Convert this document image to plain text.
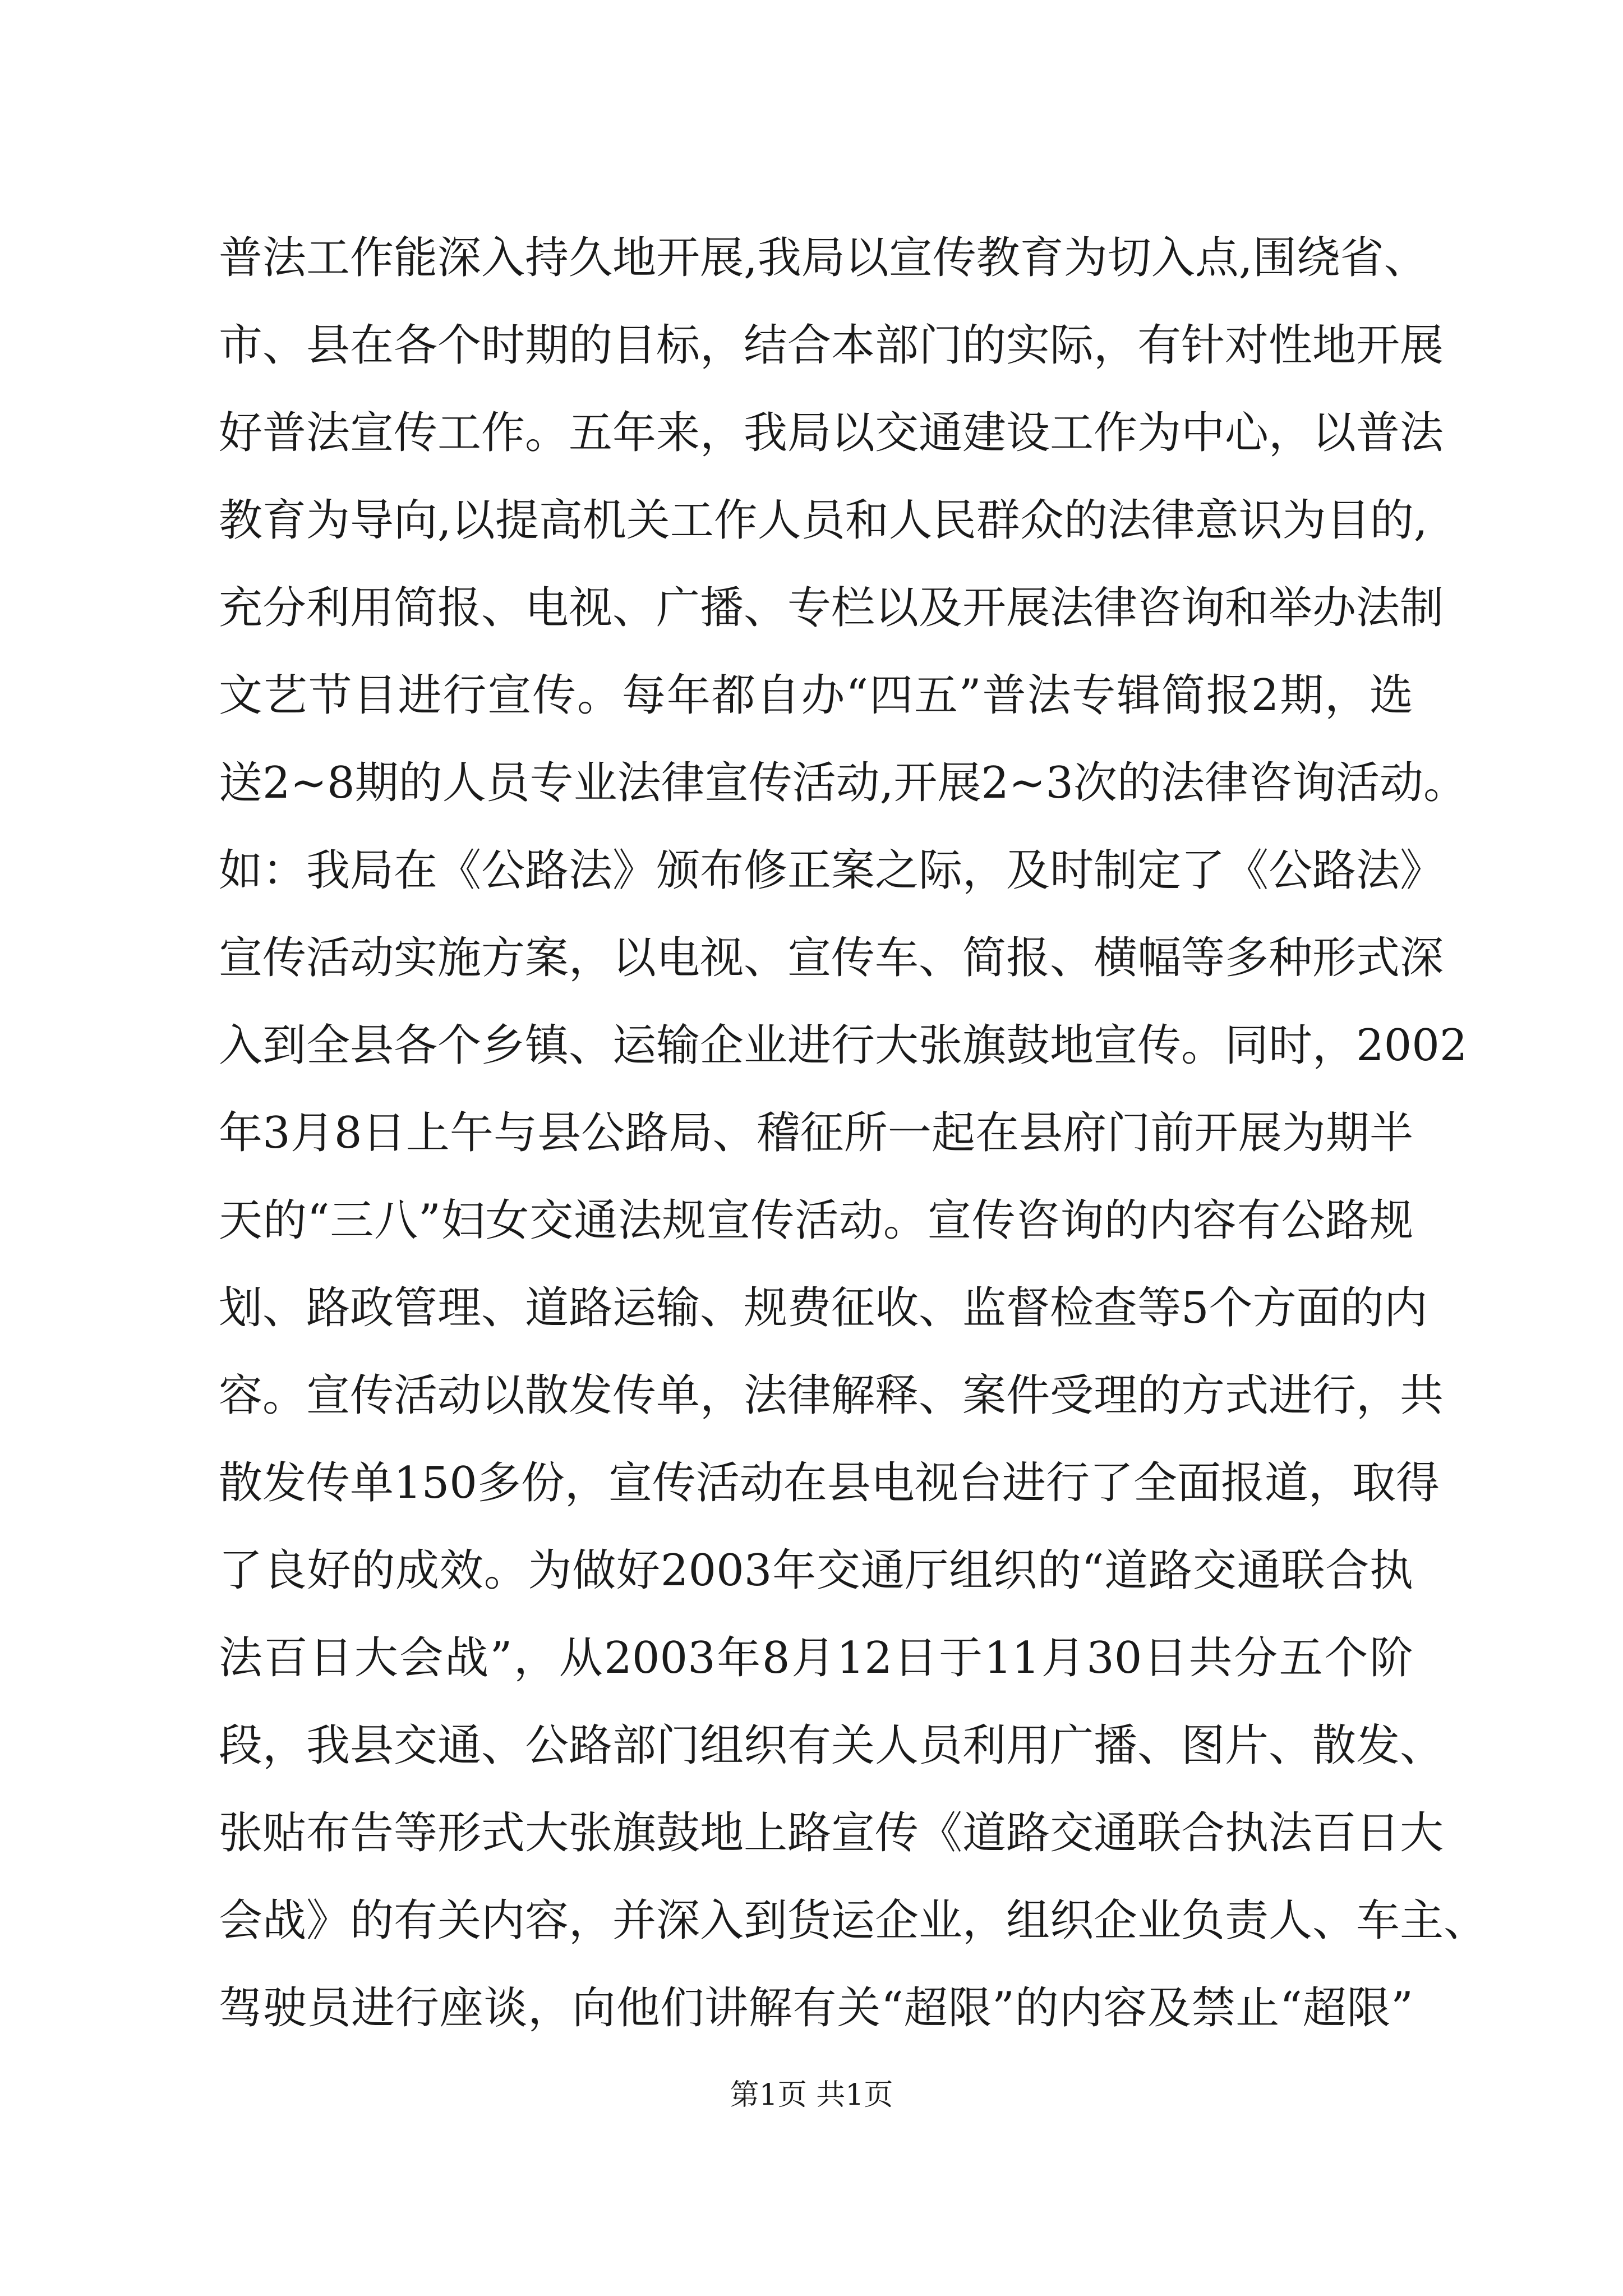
普法工作能深入持久地开展,我局以宣传教育为切入点,围绕省、
市、县在各个时期的目标，结合本部门的实际，有针对性地开展
好普法宣传工作。五年来，我局以交通建设工作为中心，以普法
教育为导向,以提高机关工作人员和人民群众的法律意识为目的,
充分利用简报、电视、广播、专栏以及开展法律咨询和举办法制
文艺节目进行宣传。每年都自办“四五”普法专辑简报2期，选
送2~8期的人员专业法律宣传活动,开展2~3次的法律咨询活动。
如：我局在《公路法》颁布修正案之际，及时制定了《公路法》
宣传活动实施方案，以电视、宣传车、简报、横幅等多种形式深
入到全县各个乡镇、运输企业进行大张旗鼓地宣传。同时，2002
年3月8日上午与县公路局、稽征所一起在县府门前开展为期半
天的“三八”妇女交通法规宣传活动。宣传咨询的内容有公路规
划、路政管理、道路运输、规费征收、监督检查等5个方面的内
容。宣传活动以散发传单，法律解释、案件受理的方式进行，共
散发传单150多份，宣传活动在县电视台进行了全面报道，取得
了良好的成效。为做好2003年交通厅组织的“道路交通联合执
法百日大会战”，从2003年8月12日于11月30日共分五个阶
段，我县交通、公路部门组织有关人员利用广播、图片、散发、
张贴布告等形式大张旗鼓地上路宣传《道路交通联合执法百日大
会战》的有关内容，并深入到货运企业，组织企业负责人、车主、
驾驶员进行座谈，向他们讲解有关“超限”的内容及禁止“超限”
第1页 共1页
